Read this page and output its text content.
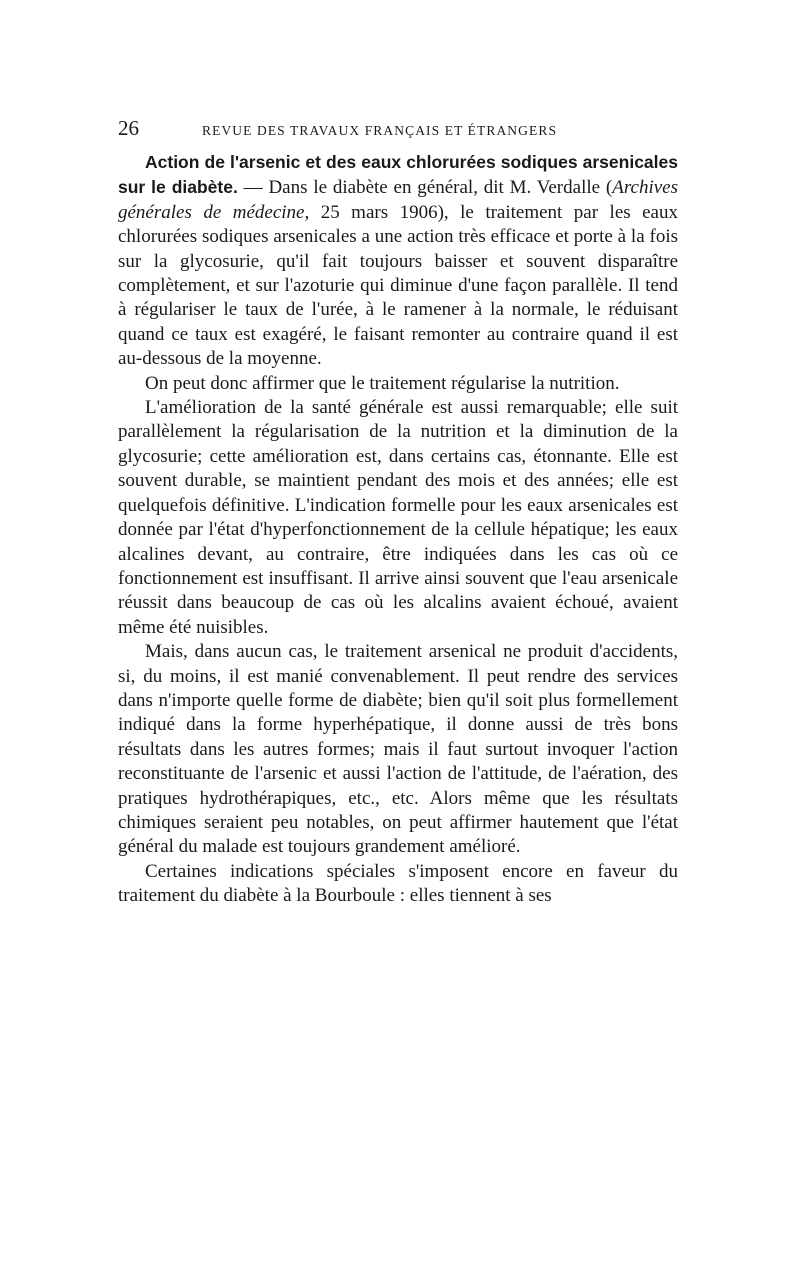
26	REVUE DES TRAVAUX FRANÇAIS ET ÉTRANGERS

Action de l'arsenic et des eaux chlorurées sodiques arsenicales sur le diabète. — Dans le diabète en général, dit M. Verdalle (Archives générales de médecine, 25 mars 1906), le traitement par les eaux chlorurées sodiques arsenicales a une action très efficace et porte à la fois sur la glycosurie, qu'il fait toujours baisser et souvent disparaître complètement, et sur l'azoturie qui diminue d'une façon parallèle. Il tend à régulariser le taux de l'urée, à le ramener à la normale, le réduisant quand ce taux est exagéré, le faisant remonter au contraire quand il est au-dessous de la moyenne.

On peut donc affirmer que le traitement régularise la nutrition.

L'amélioration de la santé générale est aussi remarquable; elle suit parallèlement la régularisation de la nutrition et la diminution de la glycosurie; cette amélioration est, dans certains cas, étonnante. Elle est souvent durable, se maintient pendant des mois et des années; elle est quelquefois définitive. L'indication formelle pour les eaux arsenicales est donnée par l'état d'hyperfonctionnement de la cellule hépatique; les eaux alcalines devant, au contraire, être indiquées dans les cas où ce fonctionnement est insuffisant. Il arrive ainsi souvent que l'eau arsenicale réussit dans beaucoup de cas où les alcalins avaient échoué, avaient même été nuisibles.

Mais, dans aucun cas, le traitement arsenical ne produit d'accidents, si, du moins, il est manié convenablement. Il peut rendre des services dans n'importe quelle forme de diabète; bien qu'il soit plus formellement indiqué dans la forme hyperhépatique, il donne aussi de très bons résultats dans les autres formes; mais il faut surtout invoquer l'action reconstituante de l'arsenic et aussi l'action de l'attitude, de l'aération, des pratiques hydrothérapiques, etc., etc. Alors même que les résultats chimiques seraient peu notables, on peut affirmer hautement que l'état général du malade est toujours grandement amélioré.

Certaines indications spéciales s'imposent encore en faveur du traitement du diabète à la Bourboule : elles tiennent à ses
